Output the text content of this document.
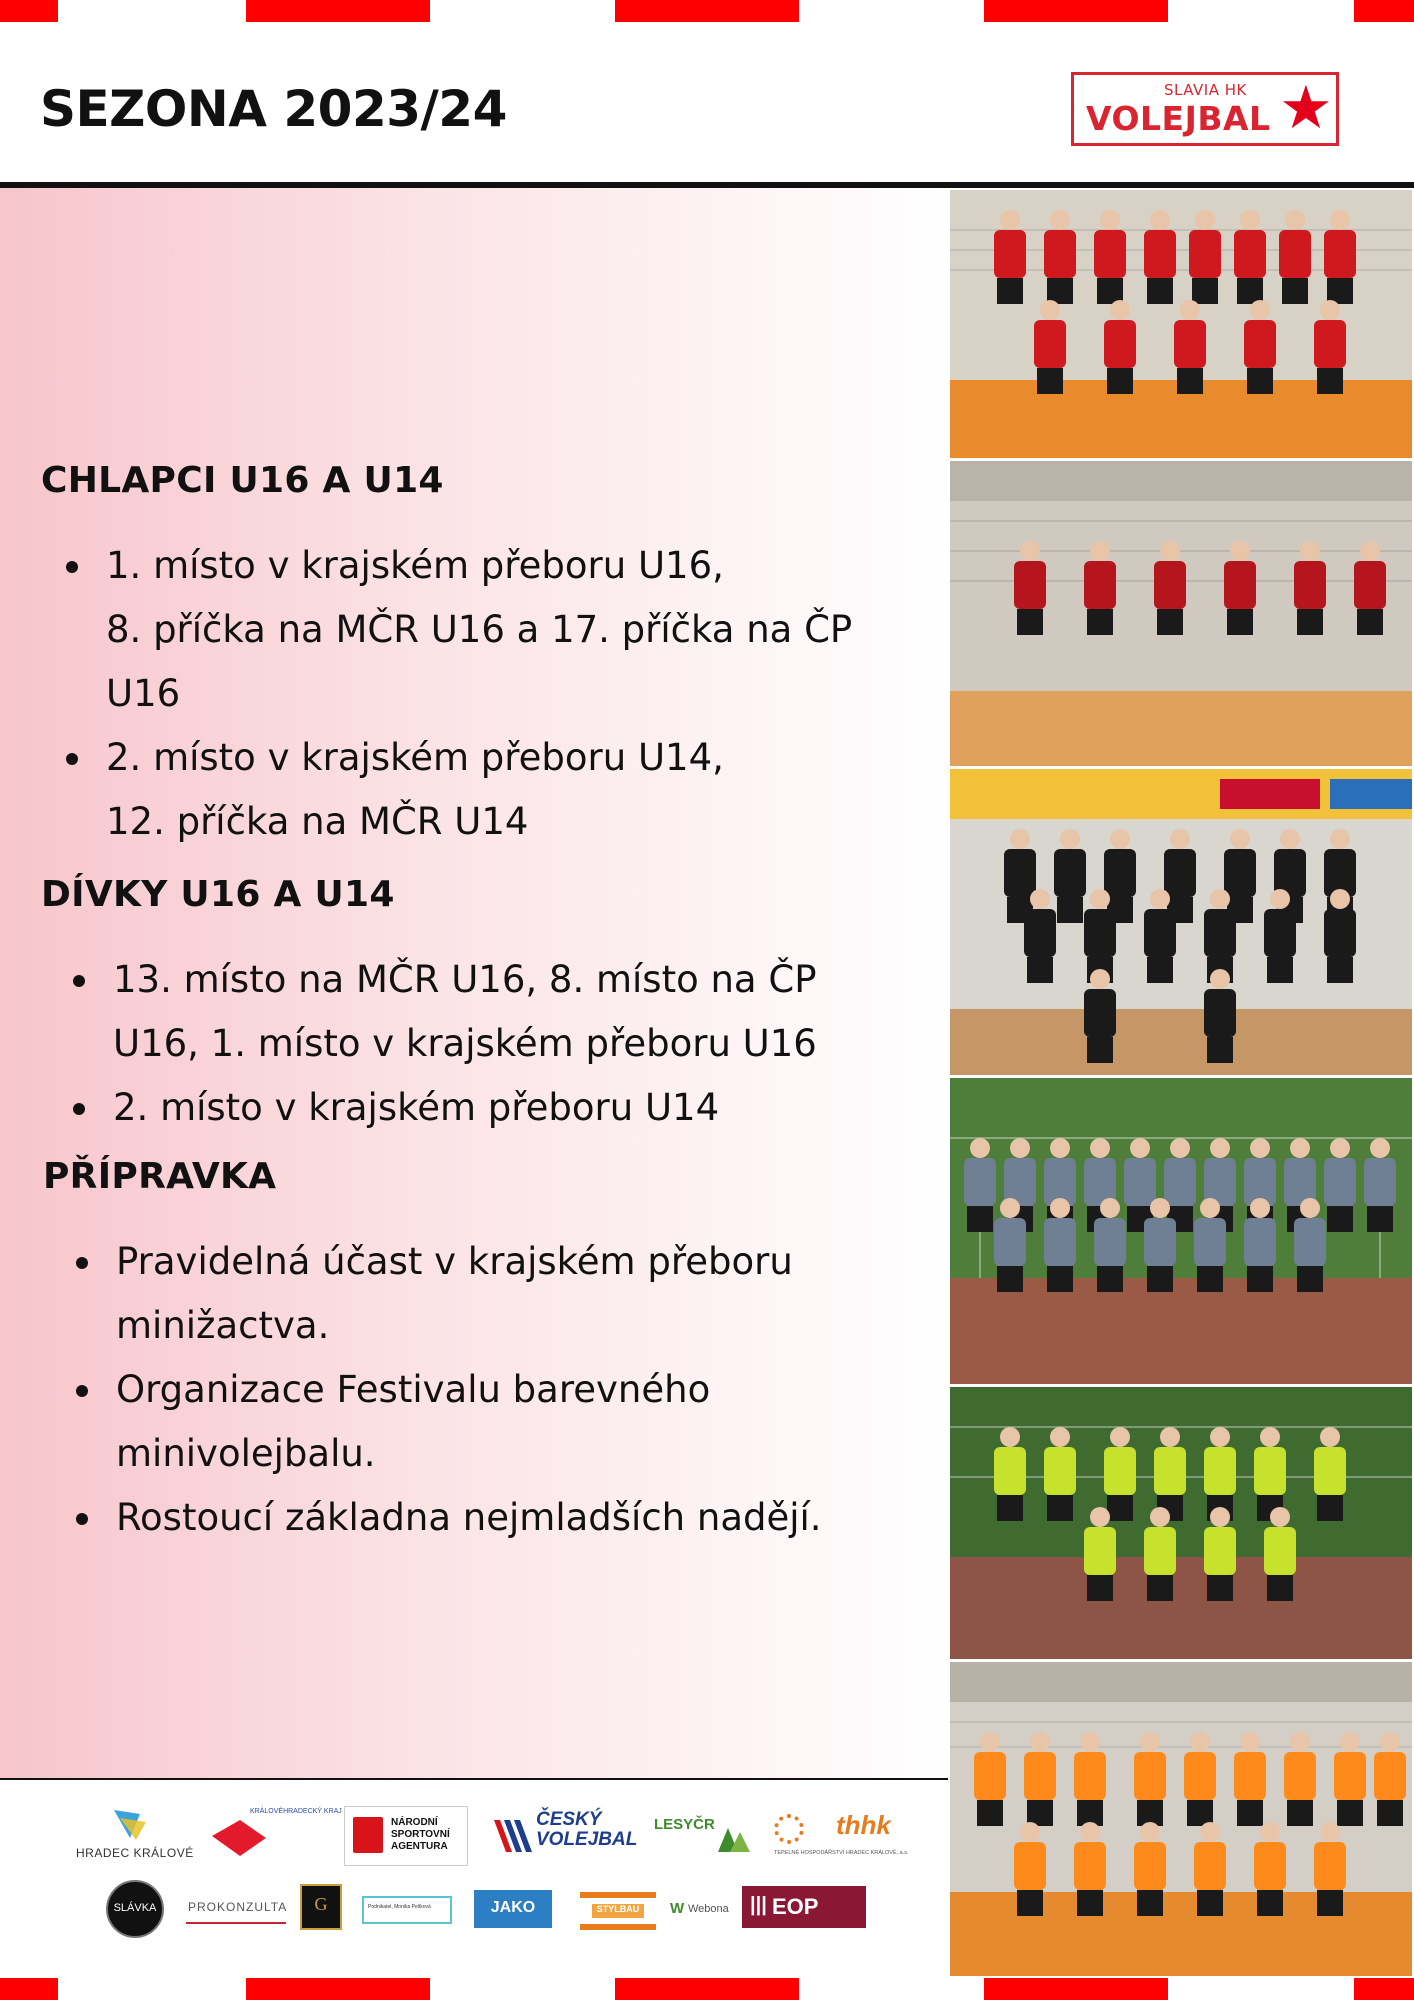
SEZONA 2023/24	SLAVIA HK
VOLEJBAL ★
CHLAPCI U16 A U14
1. místo v krajském přeboru U16,
8. příčka na MČR U16 a 17. příčka na ČP
U16
2. místo v krajském přeboru U14,
12. příčka na MČR U14
DÍVKY U16 A U14
13. místo na MČR U16, 8. místo na ČP
U16, 1. místo v krajském přeboru U16
2. místo v krajském přeboru U14
PŘÍPRAVKA
Pravidelná účast v krajském přeboru
minižactva.
Organizace Festivalu barevného
minivolejbalu.
Rostoucí základna nejmladších nadějí.
HRADEC KRÁLOVÉ
KRÁLOVÉHRADECKÝ KRAJ
NÁRODNÍ
SPORTOVNÍ
AGENTURA
ČESKÝ
VOLEJBAL
LESYČR	thhk
TEPELNÉ HOSPODÁŘSTVÍ HRADEC KRÁLOVÉ, a.s.
SLÁVKA	PROKONZULTA	G	Podnikatel, Monika Pešková	JAKO	STYLBAU	W Webona ||| EOP
